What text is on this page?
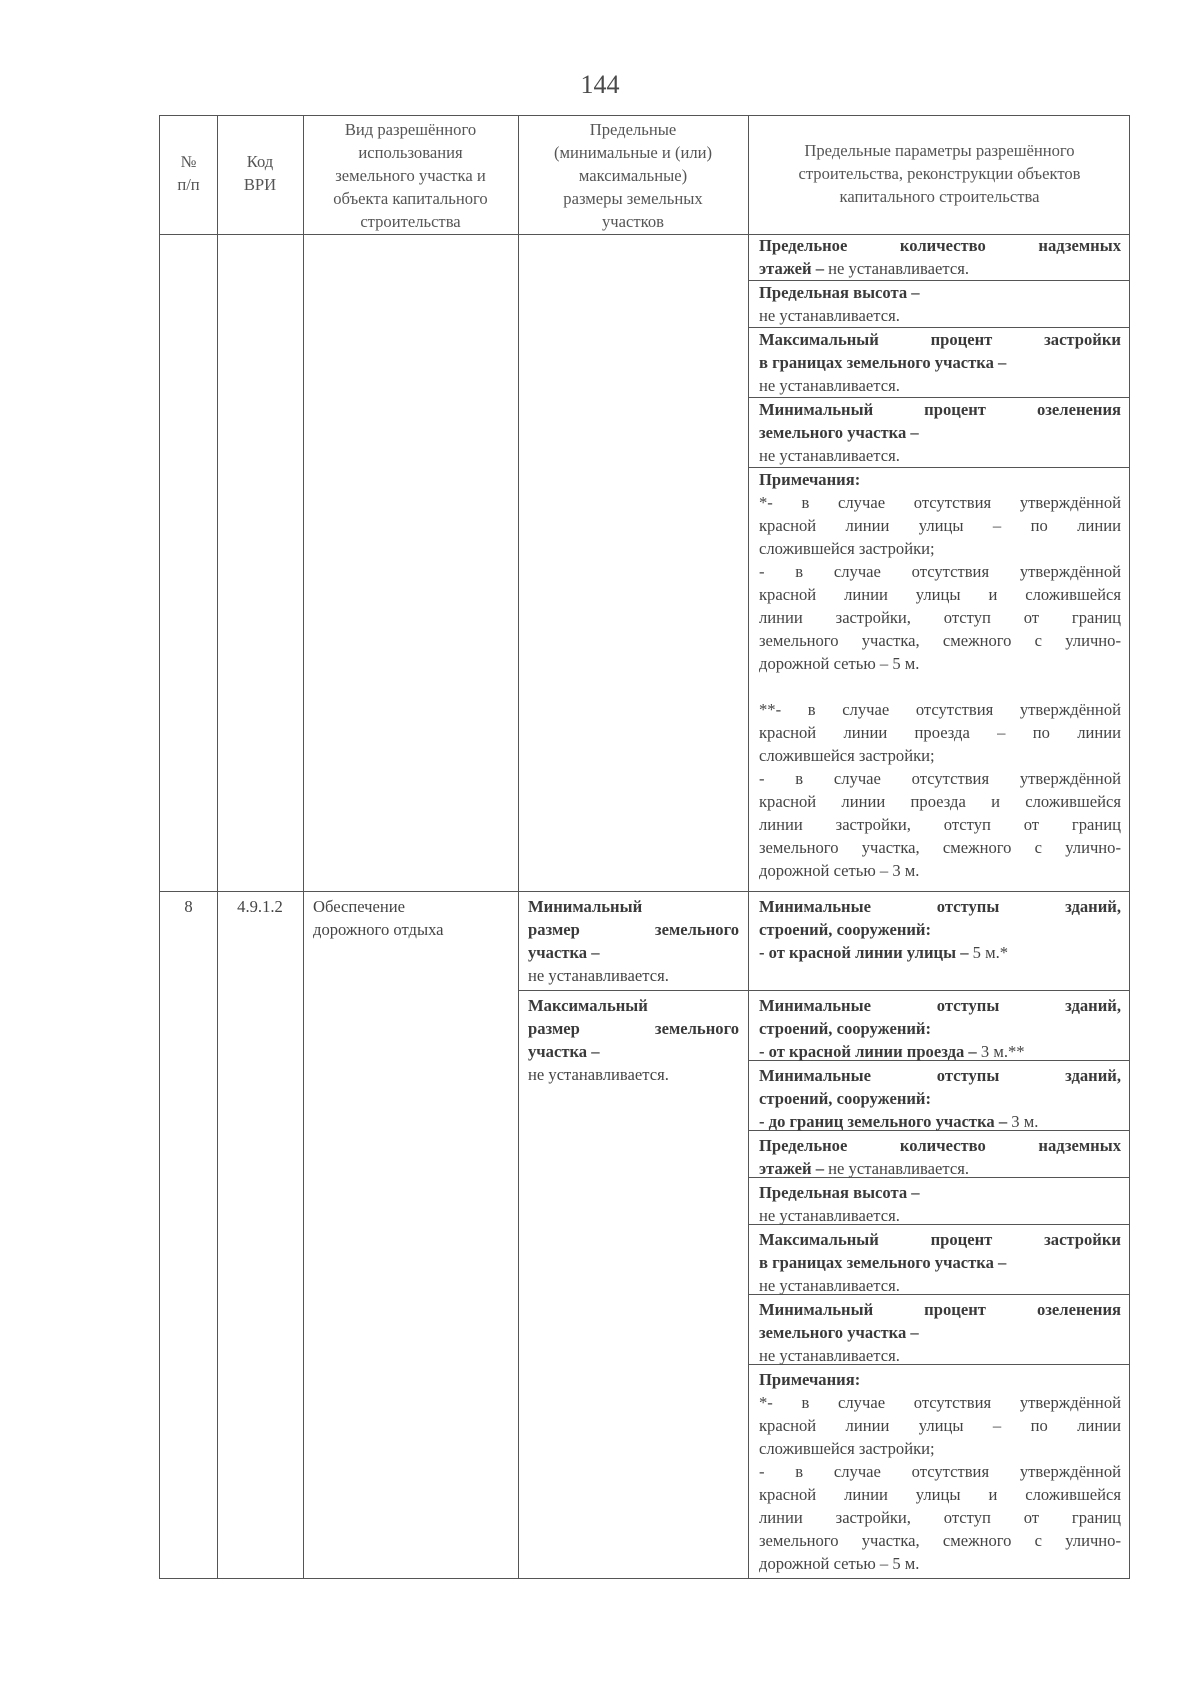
144
№
п/п
Код
ВРИ
Вид разрешённого
использования
земельного участка и
объекта капитального
строительства
Предельные
(минимальные и (или)
максимальные)
размеры земельных
участков
Предельные параметры разрешённого
строительства, реконструкции объектов
капитального строительства
Предельное количество надземных
этажей – не устанавливается.
Предельная высота –
не устанавливается.
Максимальный процент застройки
в границах земельного участка –
не устанавливается.
Минимальный процент озеленения
земельного участка –
не устанавливается.
Примечания:
*- в случае отсутствия утверждённой
красной линии улицы – по линии
сложившейся застройки;
- в случае отсутствия утверждённой
красной линии улицы и сложившейся
линии застройки, отступ от границ
земельного участка, смежного с улично-
дорожной сетью – 5 м.
**- в случае отсутствия утверждённой
красной линии проезда – по линии
сложившейся застройки;
- в случае отсутствия утверждённой
красной линии проезда и сложившейся
линии застройки, отступ от границ
земельного участка, смежного с улично-
дорожной сетью – 3 м.
8	4.9.1.2	Обеспечение
дорожного отдыха
Минимальный
размер земельного
участка –
не устанавливается.
Максимальный
размер земельного
участка –
не устанавливается.
Минимальные отступы зданий,
строений, сооружений:
- от красной линии улицы – 5 м.*
Минимальные отступы зданий,
строений, сооружений:
- от красной линии проезда – 3 м.**
Минимальные отступы зданий,
строений, сооружений:
- до границ земельного участка – 3 м.
Предельное количество надземных
этажей – не устанавливается.
Предельная высота –
не устанавливается.
Максимальный процент застройки
в границах земельного участка –
не устанавливается.
Минимальный процент озеленения
земельного участка –
не устанавливается.
Примечания:
*- в случае отсутствия утверждённой
красной линии улицы – по линии
сложившейся застройки;
- в случае отсутствия утверждённой
красной линии улицы и сложившейся
линии застройки, отступ от границ
земельного участка, смежного с улично-
дорожной сетью – 5 м.
